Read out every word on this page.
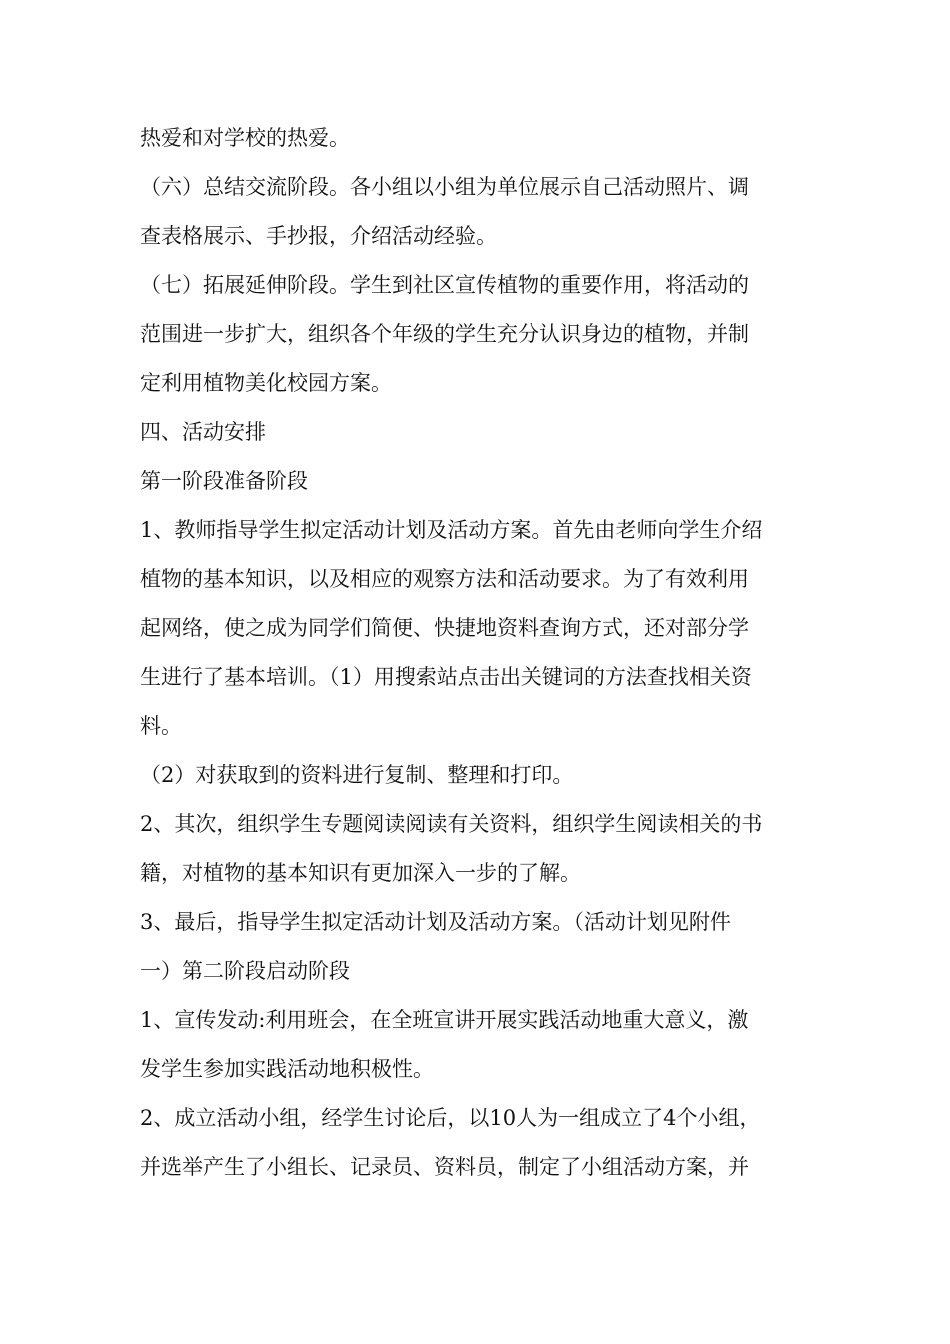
热爱和对学校的热爱。
（六）总结交流阶段。各小组以小组为单位展示自己活动照片、调
查表格展示、手抄报，介绍活动经验。
（七）拓展延伸阶段。学生到社区宣传植物的重要作用，将活动的
范围进一步扩大，组织各个年级的学生充分认识身边的植物，并制
定利用植物美化校园方案。
四、活动安排
第一阶段准备阶段
1、教师指导学生拟定活动计划及活动方案。首先由老师向学生介绍
植物的基本知识，以及相应的观察方法和活动要求。为了有效利用
起网络，使之成为同学们简便、快捷地资料查询方式，还对部分学
生进行了基本培训。（1）用搜索站点击出关键词的方法查找相关资
料。
（2）对获取到的资料进行复制、整理和打印。
2、其次，组织学生专题阅读阅读有关资料，组织学生阅读相关的书
籍，对植物的基本知识有更加深入一步的了解。
3、最后，指导学生拟定活动计划及活动方案。（活动计划见附件
一）第二阶段启动阶段
1、宣传发动:利用班会，在全班宣讲开展实践活动地重大意义，激
发学生参加实践活动地积极性。
2、成立活动小组，经学生讨论后，以10人为一组成立了4个小组，
并选举产生了小组长、记录员、资料员，制定了小组活动方案，并
